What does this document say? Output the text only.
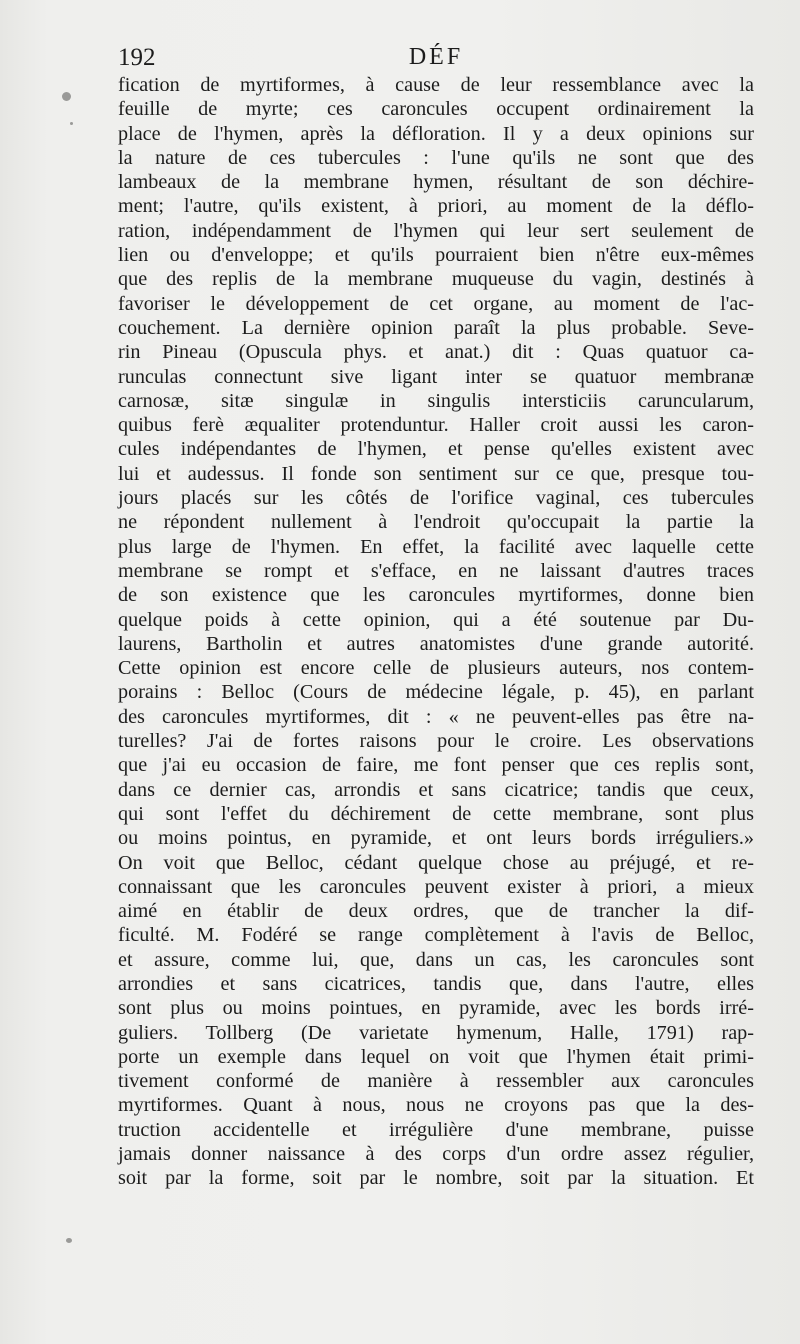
192	DÉF
fication de myrtiformes, à cause de leur ressemblance avec la
feuille de myrte; ces caroncules occupent ordinairement la
place de l'hymen, après la défloration. Il y a deux opinions sur
la nature de ces tubercules : l'une qu'ils ne sont que des
lambeaux de la membrane hymen, résultant de son déchire-
ment; l'autre, qu'ils existent, à priori, au moment de la déflo-
ration, indépendamment de l'hymen qui leur sert seulement de
lien ou d'enveloppe; et qu'ils pourraient bien n'être eux-mêmes
que des replis de la membrane muqueuse du vagin, destinés à
favoriser le développement de cet organe, au moment de l'ac-
couchement. La dernière opinion paraît la plus probable. Seve-
rin Pineau (Opuscula phys. et anat.) dit : Quas quatuor ca-
runculas connectunt sive ligant inter se quatuor membranæ
carnosæ, sitæ singulæ in singulis intersticiis caruncularum,
quibus ferè æqualiter protenduntur. Haller croit aussi les caron-
cules indépendantes de l'hymen, et pense qu'elles existent avec
lui et audessus. Il fonde son sentiment sur ce que, presque tou-
jours placés sur les côtés de l'orifice vaginal, ces tubercules
ne répondent nullement à l'endroit qu'occupait la partie la
plus large de l'hymen. En effet, la facilité avec laquelle cette
membrane se rompt et s'efface, en ne laissant d'autres traces
de son existence que les caroncules myrtiformes, donne bien
quelque poids à cette opinion, qui a été soutenue par Du-
laurens, Bartholin et autres anatomistes d'une grande autorité.
Cette opinion est encore celle de plusieurs auteurs, nos contem-
porains : Belloc (Cours de médecine légale, p. 45), en parlant
des caroncules myrtiformes, dit : « ne peuvent-elles pas être na-
turelles? J'ai de fortes raisons pour le croire. Les observations
que j'ai eu occasion de faire, me font penser que ces replis sont,
dans ce dernier cas, arrondis et sans cicatrice; tandis que ceux,
qui sont l'effet du déchirement de cette membrane, sont plus
ou moins pointus, en pyramide, et ont leurs bords irréguliers.»
On voit que Belloc, cédant quelque chose au préjugé, et re-
connaissant que les caroncules peuvent exister à priori, a mieux
aimé en établir de deux ordres, que de trancher la dif-
ficulté. M. Fodéré se range complètement à l'avis de Belloc,
et assure, comme lui, que, dans un cas, les caroncules sont
arrondies et sans cicatrices, tandis que, dans l'autre, elles
sont plus ou moins pointues, en pyramide, avec les bords irré-
guliers. Tollberg (De varietate hymenum, Halle, 1791) rap-
porte un exemple dans lequel on voit que l'hymen était primi-
tivement conformé de manière à ressembler aux caroncules
myrtiformes. Quant à nous, nous ne croyons pas que la des-
truction accidentelle et irrégulière d'une membrane, puisse
jamais donner naissance à des corps d'un ordre assez régulier,
soit par la forme, soit par le nombre, soit par la situation. Et
